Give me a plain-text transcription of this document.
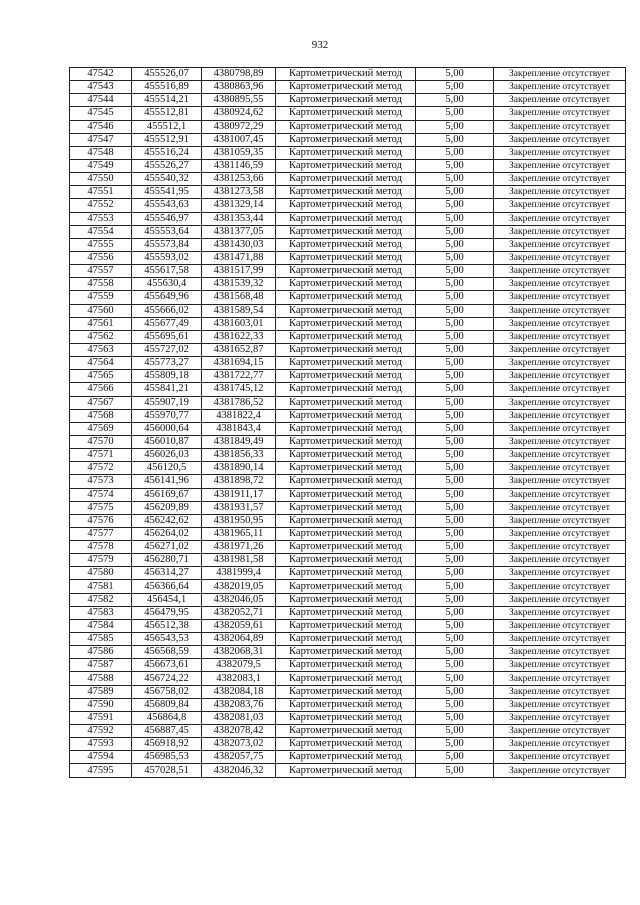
932
47542	455526,07	4380798,89	Картометрический метод	5,00	Закрепление отсутствует
47543	455516,89	4380863,96	Картометрический метод	5,00	Закрепление отсутствует
47544	455514,21	4380895,55	Картометрический метод	5,00	Закрепление отсутствует
47545	455512,81	4380924,62	Картометрический метод	5,00	Закрепление отсутствует
47546	455512,1	4380972,29	Картометрический метод	5,00	Закрепление отсутствует
47547	455512,91	4381007,45	Картометрический метод	5,00	Закрепление отсутствует
47548	455516,24	4381059,35	Картометрический метод	5,00	Закрепление отсутствует
47549	455526,27	4381146,59	Картометрический метод	5,00	Закрепление отсутствует
47550	455540,32	4381253,66	Картометрический метод	5,00	Закрепление отсутствует
47551	455541,95	4381273,58	Картометрический метод	5,00	Закрепление отсутствует
47552	455543,63	4381329,14	Картометрический метод	5,00	Закрепление отсутствует
47553	455546,97	4381353,44	Картометрический метод	5,00	Закрепление отсутствует
47554	455553,64	4381377,05	Картометрический метод	5,00	Закрепление отсутствует
47555	455573,84	4381430,03	Картометрический метод	5,00	Закрепление отсутствует
47556	455593,02	4381471,88	Картометрический метод	5,00	Закрепление отсутствует
47557	455617,58	4381517,99	Картометрический метод	5,00	Закрепление отсутствует
47558	455630,4	4381539,32	Картометрический метод	5,00	Закрепление отсутствует
47559	455649,96	4381568,48	Картометрический метод	5,00	Закрепление отсутствует
47560	455666,02	4381589,54	Картометрический метод	5,00	Закрепление отсутствует
47561	455677,49	4381603,01	Картометрический метод	5,00	Закрепление отсутствует
47562	455695,61	4381622,33	Картометрический метод	5,00	Закрепление отсутствует
47563	455727,02	4381652,87	Картометрический метод	5,00	Закрепление отсутствует
47564	455773,27	4381694,15	Картометрический метод	5,00	Закрепление отсутствует
47565	455809,18	4381722,77	Картометрический метод	5,00	Закрепление отсутствует
47566	455841,21	4381745,12	Картометрический метод	5,00	Закрепление отсутствует
47567	455907,19	4381786,52	Картометрический метод	5,00	Закрепление отсутствует
47568	455970,77	4381822,4	Картометрический метод	5,00	Закрепление отсутствует
47569	456000,64	4381843,4	Картометрический метод	5,00	Закрепление отсутствует
47570	456010,87	4381849,49	Картометрический метод	5,00	Закрепление отсутствует
47571	456026,03	4381856,33	Картометрический метод	5,00	Закрепление отсутствует
47572	456120,5	4381890,14	Картометрический метод	5,00	Закрепление отсутствует
47573	456141,96	4381898,72	Картометрический метод	5,00	Закрепление отсутствует
47574	456169,67	4381911,17	Картометрический метод	5,00	Закрепление отсутствует
47575	456209,89	4381931,57	Картометрический метод	5,00	Закрепление отсутствует
47576	456242,62	4381950,95	Картометрический метод	5,00	Закрепление отсутствует
47577	456264,02	4381965,11	Картометрический метод	5,00	Закрепление отсутствует
47578	456271,02	4381971,26	Картометрический метод	5,00	Закрепление отсутствует
47579	456280,71	4381981,58	Картометрический метод	5,00	Закрепление отсутствует
47580	456314,27	4381999,4	Картометрический метод	5,00	Закрепление отсутствует
47581	456366,64	4382019,05	Картометрический метод	5,00	Закрепление отсутствует
47582	456454,1	4382046,05	Картометрический метод	5,00	Закрепление отсутствует
47583	456479,95	4382052,71	Картометрический метод	5,00	Закрепление отсутствует
47584	456512,38	4382059,61	Картометрический метод	5,00	Закрепление отсутствует
47585	456543,53	4382064,89	Картометрический метод	5,00	Закрепление отсутствует
47586	456568,59	4382068,31	Картометрический метод	5,00	Закрепление отсутствует
47587	456673,61	4382079,5	Картометрический метод	5,00	Закрепление отсутствует
47588	456724,22	4382083,1	Картометрический метод	5,00	Закрепление отсутствует
47589	456758,02	4382084,18	Картометрический метод	5,00	Закрепление отсутствует
47590	456809,84	4382083,76	Картометрический метод	5,00	Закрепление отсутствует
47591	456864,8	4382081,03	Картометрический метод	5,00	Закрепление отсутствует
47592	456887,45	4382078,42	Картометрический метод	5,00	Закрепление отсутствует
47593	456918,92	4382073,02	Картометрический метод	5,00	Закрепление отсутствует
47594	456985,53	4382057,75	Картометрический метод	5,00	Закрепление отсутствует
47595	457028,51	4382046,32	Картометрический метод	5,00	Закрепление отсутствует
